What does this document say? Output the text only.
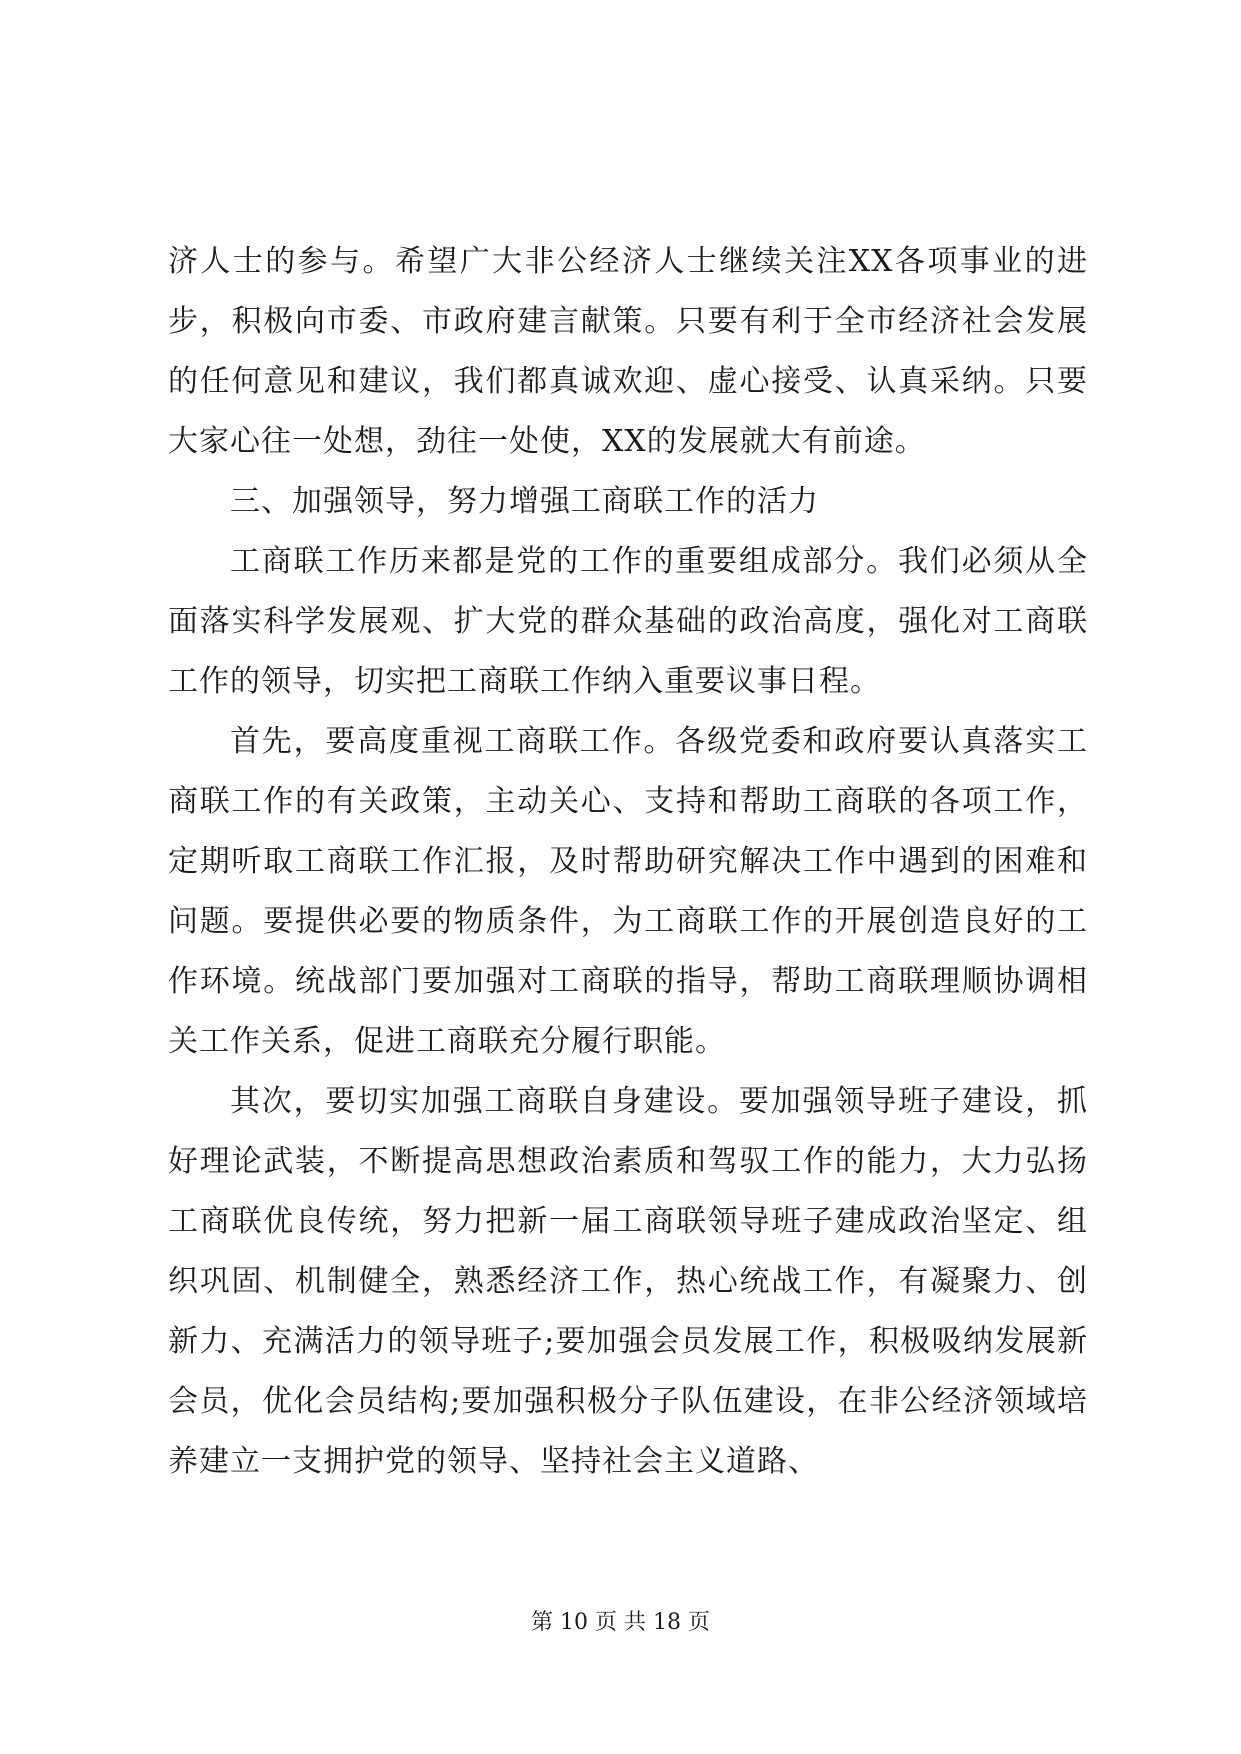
济人士的参与。希望广大非公经济人士继续关注XX各项事业的进步，积极向市委、市政府建言献策。只要有利于全市经济社会发展的任何意见和建议，我们都真诚欢迎、虚心接受、认真采纳。只要大家心往一处想，劲往一处使，XX的发展就大有前途。

三、加强领导，努力增强工商联工作的活力

工商联工作历来都是党的工作的重要组成部分。我们必须从全面落实科学发展观、扩大党的群众基础的政治高度，强化对工商联工作的领导，切实把工商联工作纳入重要议事日程。

首先，要高度重视工商联工作。各级党委和政府要认真落实工商联工作的有关政策，主动关心、支持和帮助工商联的各项工作，定期听取工商联工作汇报，及时帮助研究解决工作中遇到的困难和问题。要提供必要的物质条件，为工商联工作的开展创造良好的工作环境。统战部门要加强对工商联的指导，帮助工商联理顺协调相关工作关系，促进工商联充分履行职能。

其次，要切实加强工商联自身建设。要加强领导班子建设，抓好理论武装，不断提高思想政治素质和驾驭工作的能力，大力弘扬工商联优良传统，努力把新一届工商联领导班子建成政治坚定、组织巩固、机制健全，熟悉经济工作，热心统战工作，有凝聚力、创新力、充满活力的领导班子;要加强会员发展工作，积极吸纳发展新会员，优化会员结构;要加强积极分子队伍建设，在非公经济领域培养建立一支拥护党的领导、坚持社会主义道路、

第 10 页 共 18 页
